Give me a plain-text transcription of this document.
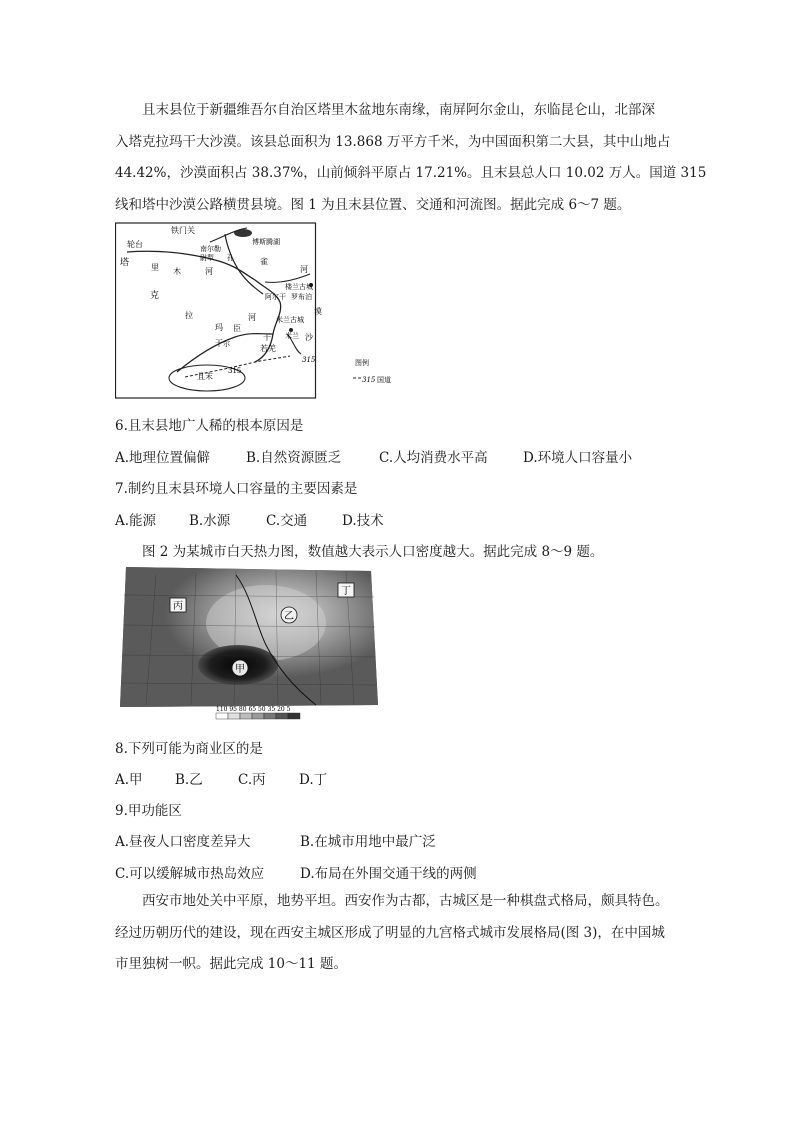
且末县位于新疆维吾尔自治区塔里木盆地东南缘，南屏阿尔金山，东临昆仑山，北部深
入塔克拉玛干大沙漠。该县总面积为 13.868 万平方千米，为中国面积第二大县，其中山地占
44.42%，沙漠面积占 38.37%，山前倾斜平原占 17.21%。且末县总人口 10.02 万人。国道 315
线和塔中沙漠公路横贯县境。图 1 为且末县位置、交通和河流图。据此完成 6～7 题。
铁门关
轮台	博斯腾湖
南尔勒
尉犁 孔	雀
河
塔	里 木	河
克
拉
玛
干 尔
臣
河
干
楼兰古城
阿尔干 罗布泊
漠
米兰古城
米兰 沙
若羌
且末
315
315	图例
315 国道
6.且末县地广人稀的根本原因是
A.地理位置偏僻	B.自然资源匮乏	C.人均消费水平高	D.环境人口容量小
7.制约且末县环境人口容量的主要因素是
A.能源 B.水源	C.交通	D.技术
图 2 为某城市白天热力图，数值越大表示人口密度越大。据此完成 8～9 题。
丙
丁
乙
甲
110 95 80 65 50 35 20 5
8.下列可能为商业区的是
A.甲 B.乙	C.丙 D.丁
9.甲功能区
A.昼夜人口密度差异大	B.在城市用地中最广泛
C.可以缓解城市热岛效应	D.布局在外围交通干线的两侧
西安市地处关中平原，地势平坦。西安作为古都，古城区是一种棋盘式格局，颇具特色。
经过历朝历代的建设，现在西安主城区形成了明显的九宫格式城市发展格局(图 3)，在中国城
市里独树一帜。据此完成 10～11 题。
